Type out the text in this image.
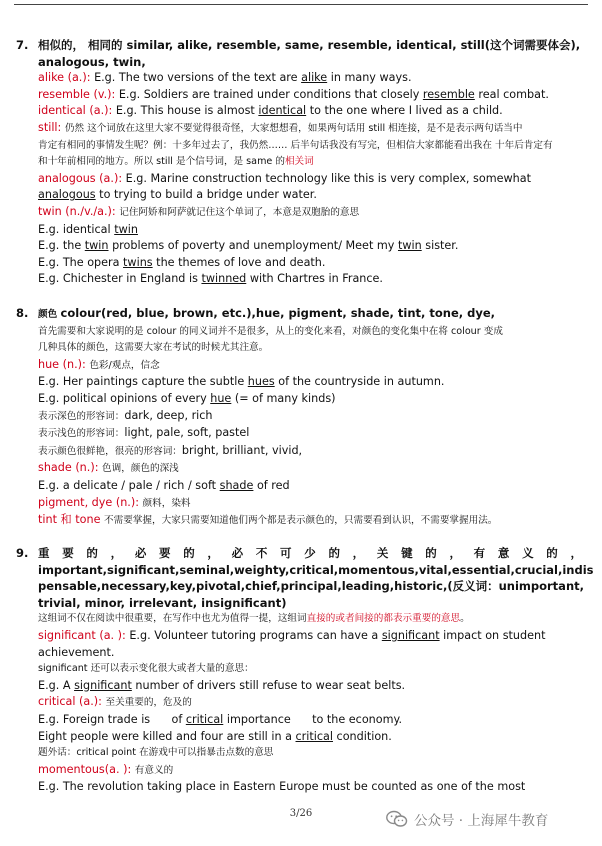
7. 相似的， 相同的 similar, alike, resemble, same, resemble, identical, still(这个词需要体会),

analogous, twin,

alike (a.): E.g. The two versions of the text are alike in many ways.

resemble (v.): E.g. Soldiers are trained under conditions that closely resemble real combat.

identical (a.): E.g. This house is almost identical to the one where I lived as a child.

still: 仍然 这个词放在这里大家不要觉得很奇怪，大家想想看，如果两句话用 still 相连接，是不是表示两句话当中

肯定有相同的事情发生呢？例：十多年过去了，我仍然…… 后半句话我没有写完，但相信大家都能看出我在 十年后肯定有

和十年前相同的地方。所以 still 是个信号词，是 same 的相关词

analogous (a.): E.g. Marine construction technology like this is very complex, somewhat

analogous to trying to build a bridge under water.

twin (n./v./a.): 记住阿娇和阿萨就记住这个单词了，本意是双胞胎的意思

E.g. identical twin

E.g. the twin problems of poverty and unemployment/ Meet my twin sister.

E.g. The opera twins the themes of love and death.

E.g. Chichester in England is twinned with Chartres in France.

8. 颜色 colour(red, blue, brown, etc.),hue, pigment, shade, tint, tone, dye,

首先需要和大家说明的是 colour 的同义词并不是很多，从上的变化来看，对颜色的变化集中在将 colour 变成

几种具体的颜色，这需要大家在考试的时候尤其注意。

hue (n.): 色彩/观点，信念

E.g. Her paintings capture the subtle hues of the countryside in autumn.

E.g. political opinions of every hue (= of many kinds)

表示深色的形容词：dark, deep, rich

表示浅色的形容词：light, pale, soft, pastel

表示颜色很鲜艳，很亮的形容词：bright, brilliant, vivid,

shade (n.): 色调，颜色的深浅

E.g. a delicate / pale / rich / soft shade of red

pigment, dye (n.): 颜料，染料

tint 和 tone 不需要掌握，大家只需要知道他们两个都是表示颜色的，只需要看到认识，不需要掌握用法。

9. 重 要 的 ， 必 要 的 ， 必 不 可 少 的 ， 关 键 的 ， 有 意 义 的 ，

important,significant,seminal,weighty,critical,momentous,vital,essential,crucial,indis

pensable,necessary,key,pivotal,chief,principal,leading,historic,(反义词：unimportant,

trivial, minor, irrelevant, insignificant)

这组词不仅在阅读中很重要，在写作中也尤为值得一提，这组词直接的或者间接的都表示重要的意思。

significant (a. ): E.g. Volunteer tutoring programs can have a significant impact on student

achievement.

significant 还可以表示变化很大或者大量的意思：

E.g. A significant number of drivers still refuse to wear seat belts.

critical (a.): 至关重要的，危及的

E.g. Foreign trade is      of critical importance      to the economy.

Eight people were killed and four are still in a critical condition.

题外话：critical point 在游戏中可以指暴击点数的意思

momentous(a. ): 有意义的

E.g. The revolution taking place in Eastern Europe must be counted as one of the most

3/26	公众号 · 上海犀牛教育
